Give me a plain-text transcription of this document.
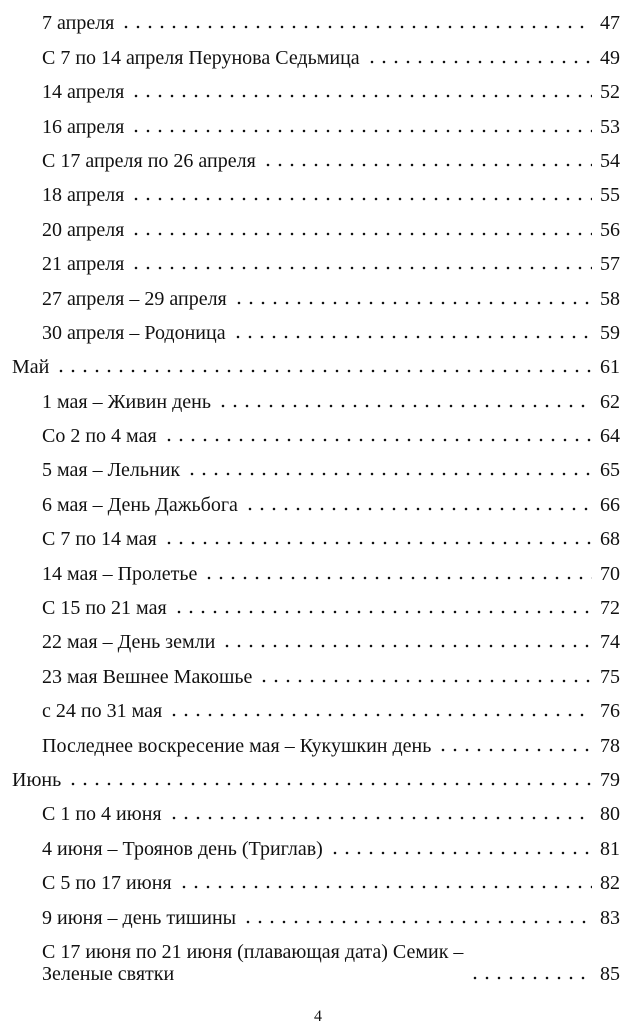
7 апреля	47
С 7 по 14 апреля Перунова Седьмица	49
14 апреля	52
16 апреля	53
С 17 апреля по 26 апреля	54
18 апреля	55
20 апреля	56
21 апреля	57
27 апреля – 29 апреля	58
30 апреля – Родоница	59
Май	61
1 мая – Живин день	62
Со 2 по 4 мая	64
5 мая – Лельник	65
6 мая – День Дажьбога	66
С 7 по 14 мая	68
14 мая – Пролетье	70
С 15 по 21 мая	72
22 мая – День земли	74
23 мая Вешнее Макошье	75
с 24 по 31 мая	76
Последнее воскресение мая – Кукушкин день	78
Июнь	79
С 1 по 4 июня	80
4 июня – Троянов день (Триглав)	81
С 5 по 17 июня	82
9 июня – день тишины	83
С 17 июня по 21 июня (плавающая дата) Семик –
Зеленые святки	85
4
